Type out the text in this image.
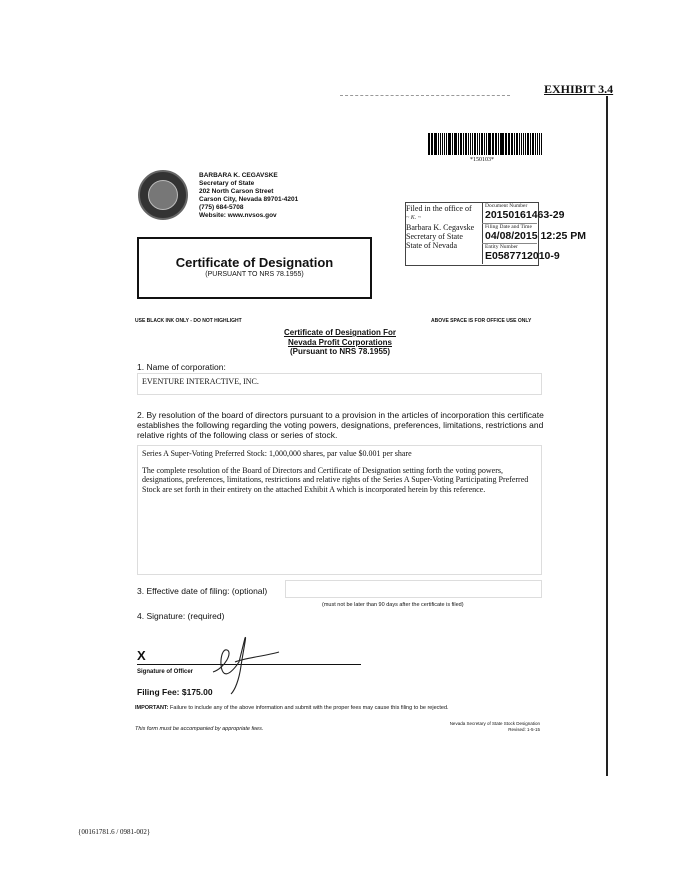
EXHIBIT 3.4
*150103*
BARBARA K. CEGAVSKE
Secretary of State
202 North Carson Street
Carson City, Nevada 89701-4201
(775) 684-5708
Website: www.nvsos.gov
Filed in the office of
~ K. ~
Barbara K. Cegavske
Secretary of State
State of Nevada
Document Number
20150161463-29
Filing Date and Time
04/08/2015 12:25 PM
Entity Number
E0587712010-9
Certificate of Designation
(PURSUANT TO NRS 78.1955)
USE BLACK INK ONLY - DO NOT HIGHLIGHT	ABOVE SPACE IS FOR OFFICE USE ONLY
Certificate of Designation For
Nevada Profit Corporations
(Pursuant to NRS 78.1955)
1. Name of corporation:
EVENTURE INTERACTIVE, INC.
2. By resolution of the board of directors pursuant to a provision in the articles of incorporation this certificate establishes the following regarding the voting powers, designations, preferences, limitations, restrictions and relative rights of the following class or series of stock.

Series A Super-Voting Preferred Stock: 1,000,000 shares, par value $0.001 per share

The complete resolution of the Board of Directors and Certificate of Designation setting forth the voting powers, designations, preferences, limitations, restrictions and relative rights of the Series A Super-Voting Participating Preferred Stock are set forth in their entirety on the attached Exhibit A which is incorporated herein by this reference.

3. Effective date of filing: (optional)
(must not be later than 90 days after the certificate is filed)
4. Signature: (required)
X
Signature of Officer
Filing Fee: $175.00
IMPORTANT: Failure to include any of the above information and submit with the proper fees may cause this filing to be rejected.
This form must be accompanied by appropriate fees.
Nevada Secretary of State Stock Designation
Revised: 1-5-15
{00161781.6 / 0981-002}
